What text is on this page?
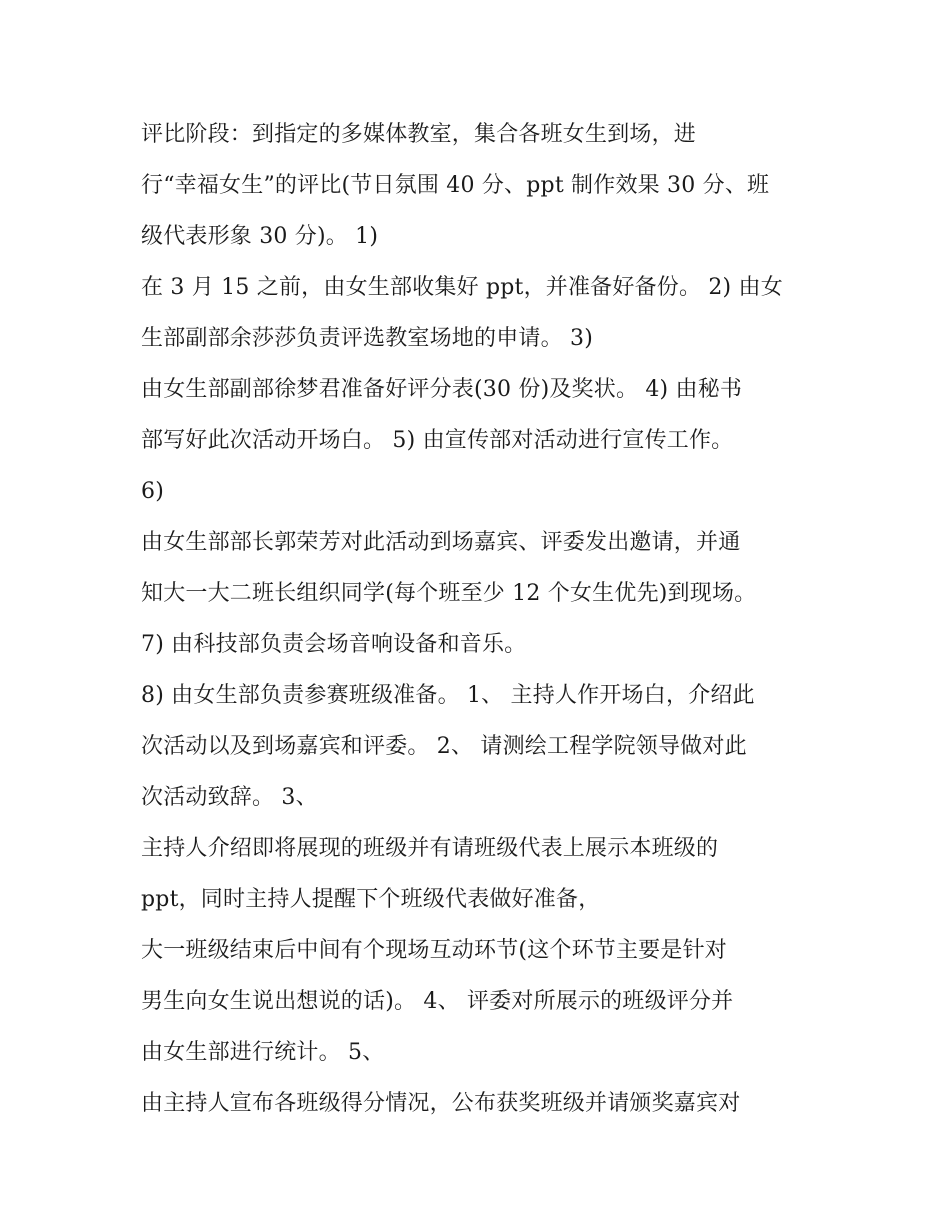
评比阶段：到指定的多媒体教室，集合各班女生到场，进
行“幸福女生”的评比(节日氛围 40 分、ppt 制作效果 30 分、班
级代表形象 30 分)。 1)
在 3 月 15 之前，由女生部收集好 ppt，并准备好备份。 2) 由女
生部副部余莎莎负责评选教室场地的申请。 3)
由女生部副部徐梦君准备好评分表(30 份)及奖状。 4) 由秘书
部写好此次活动开场白。 5) 由宣传部对活动进行宣传工作。
6)
由女生部部长郭荣芳对此活动到场嘉宾、评委发出邀请，并通
知大一大二班长组织同学(每个班至少 12 个女生优先)到现场。
7) 由科技部负责会场音响设备和音乐。
8) 由女生部负责参赛班级准备。 1、 主持人作开场白，介绍此
次活动以及到场嘉宾和评委。 2、 请测绘工程学院领导做对此
次活动致辞。 3、
主持人介绍即将展现的班级并有请班级代表上展示本班级的
ppt，同时主持人提醒下个班级代表做好准备，
大一班级结束后中间有个现场互动环节(这个环节主要是针对
男生向女生说出想说的话)。 4、 评委对所展示的班级评分并
由女生部进行统计。 5、
由主持人宣布各班级得分情况，公布获奖班级并请颁奖嘉宾对
